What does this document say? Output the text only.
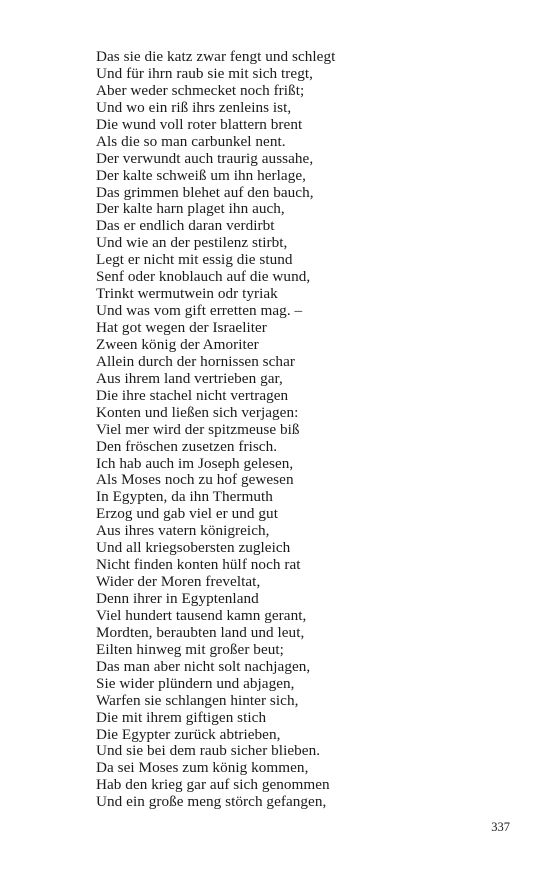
Das sie die katz zwar fengt und schlegt
Und für ihrn raub sie mit sich tregt,
Aber weder schmecket noch frißt;
Und wo ein riß ihrs zenleins ist,
Die wund voll roter blattern brent
Als die so man carbunkel nent.
Der verwundt auch traurig aussahe,
Der kalte schweiß um ihn herlage,
Das grimmen blehet auf den bauch,
Der kalte harn plaget ihn auch,
Das er endlich daran verdirbt
Und wie an der pestilenz stirbt,
Legt er nicht mit essig die stund
Senf oder knoblauch auf die wund,
Trinkt wermutwein odr tyriak
Und was vom gift erretten mag. –
Hat got wegen der Israeliter
Zween könig der Amoriter
Allein durch der hornissen schar
Aus ihrem land vertrieben gar,
Die ihre stachel nicht vertragen
Konten und ließen sich verjagen:
Viel mer wird der spitzmeuse biß
Den fröschen zusetzen frisch.
Ich hab auch im Joseph gelesen,
Als Moses noch zu hof gewesen
In Egypten, da ihn Thermuth
Erzog und gab viel er und gut
Aus ihres vatern königreich,
Und all kriegsobersten zugleich
Nicht finden konten hülf noch rat
Wider der Moren freveltat,
Denn ihrer in Egyptenland
Viel hundert tausend kamn gerant,
Mordten, beraubten land und leut,
Eilten hinweg mit großer beut;
Das man aber nicht solt nachjagen,
Sie wider plündern und abjagen,
Warfen sie schlangen hinter sich,
Die mit ihrem giftigen stich
Die Egypter zurück abtrieben,
Und sie bei dem raub sicher blieben.
Da sei Moses zum könig kommen,
Hab den krieg gar auf sich genommen
Und ein große meng störch gefangen,
337
